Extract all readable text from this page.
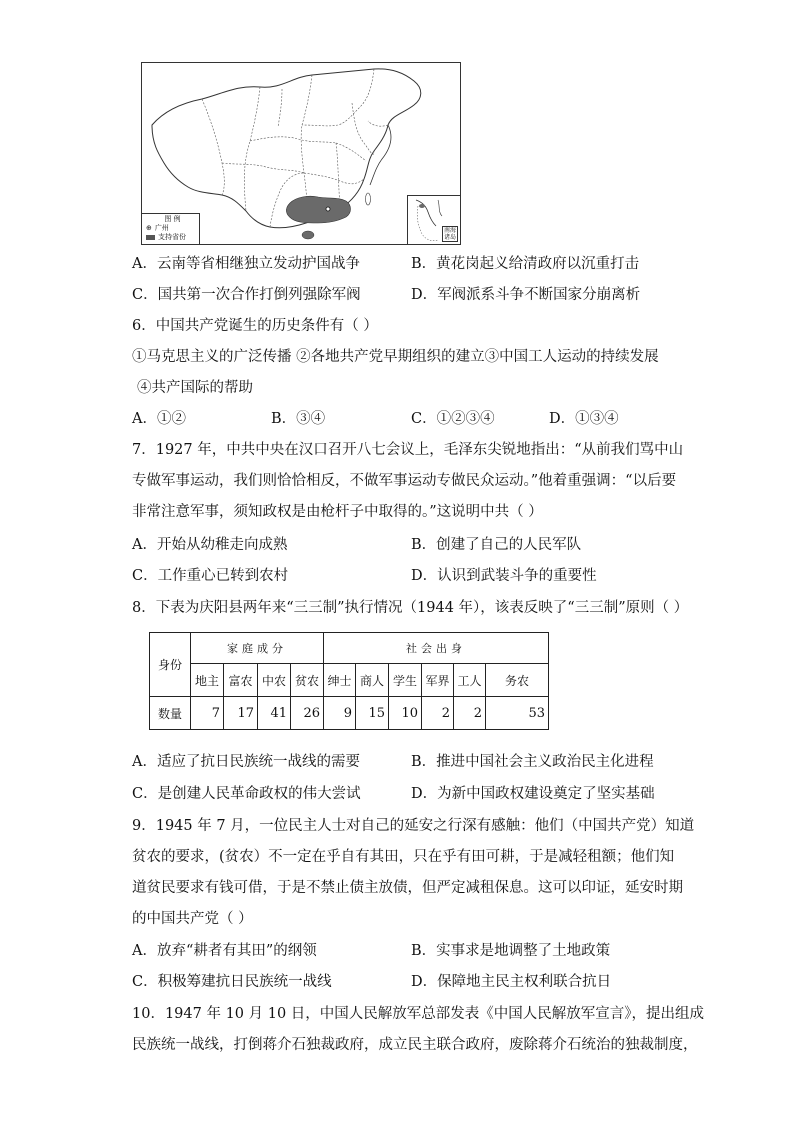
图 例
⊕ 广州
支持省份
南海诸岛
A．云南等省相继独立发动护国战争	B．黄花岗起义给清政府以沉重打击
C．国共第一次合作打倒列强除军阀	D．军阀派系斗争不断国家分崩离析
6．中国共产党诞生的历史条件有（ ）
①马克思主义的广泛传播 ②各地共产党早期组织的建立③中国工人运动的持续发展
④共产国际的帮助
A．①②	B．③④	C．①②③④	D．①③④
7．1927 年，中共中央在汉口召开八七会议上，毛泽东尖锐地指出：“从前我们骂中山
专做军事运动，我们则恰恰相反，不做军事运动专做民众运动。”他着重强调：“以后要
非常注意军事，须知政权是由枪杆子中取得的。”这说明中共（ ）
A．开始从幼稚走向成熟	B．创建了自己的人民军队
C．工作重心已转到农村	D．认识到武装斗争的重要性
8．下表为庆阳县两年来“三三制”执行情况（1944 年），该表反映了“三三制”原则（ ）
身份	家庭成分				社会出身					
	地主	富农	中农	贫农	绅士	商人	学生	军界	工人	务农
数量	7	17	41	26	9	15	10	2	2	53
A．适应了抗日民族统一战线的需要	B．推进中国社会主义政治民主化进程
C．是创建人民革命政权的伟大尝试	D．为新中国政权建设奠定了坚实基础
9．1945 年 7 月，一位民主人士对自己的延安之行深有感触：他们（中国共产党）知道
贫农的要求，(贫农）不一定在乎自有其田，只在乎有田可耕，于是减轻租额；他们知
道贫民要求有钱可借，于是不禁止债主放债，但严定减租保息。这可以印证，延安时期
的中国共产党（ ）
A．放弃“耕者有其田”的纲领	B．实事求是地调整了土地政策
C．积极筹建抗日民族统一战线	D．保障地主民主权利联合抗日
10．1947 年 10 月 10 日，中国人民解放军总部发表《中国人民解放军宣言》，提出组成
民族统一战线，打倒蒋介石独裁政府，成立民主联合政府，废除蒋介石统治的独裁制度，
